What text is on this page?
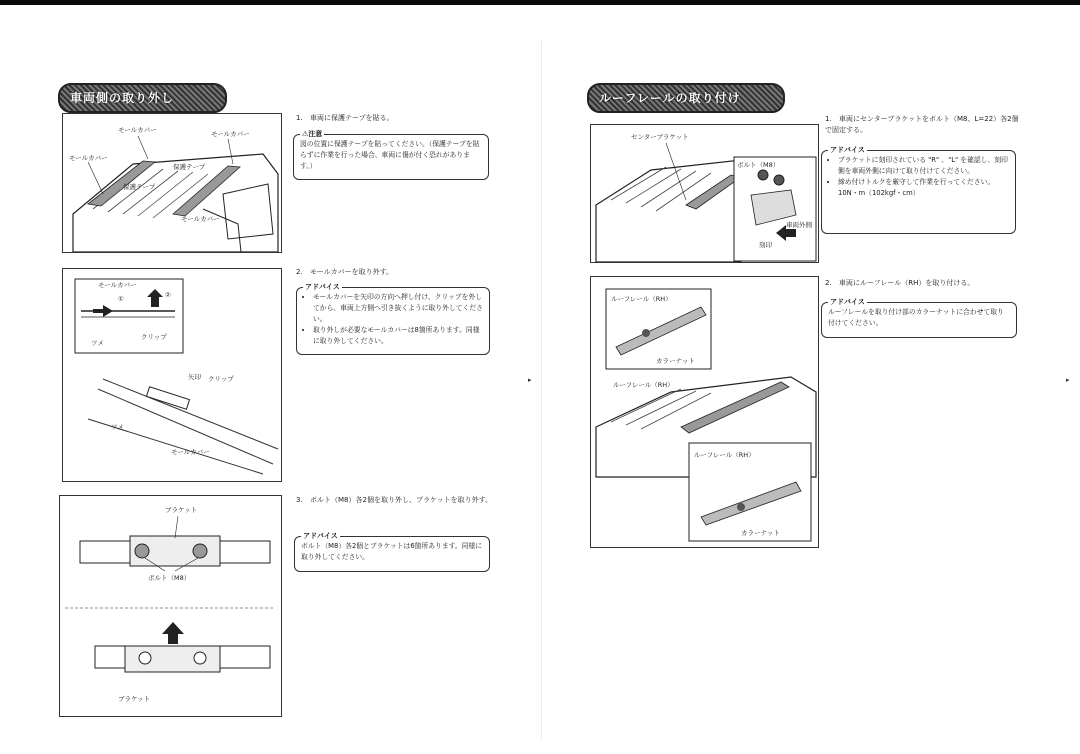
車両側の取り外し
モールカバー	モールカバー
モールカバー
保護テープ
保護テープ
モールカバー
1. 車両に保護テープを貼る。
⚠注意
図の位置に保護テープを貼ってください。（保護テープを貼らずに作業を行った場合、車両に傷が付く恐れがあります。）
モールカバー
①	②
ツメ
クリップ
矢印 クリップ
ツメ
モールカバー
2. モールカバーを取り外す。
アドバイス
• モールカバーを矢印の方向へ押し付け、クリップを外してから、車両上方側へ引き抜くように取り外してください。
• 取り外しが必要なモールカバーは8箇所あります。同様に取り外してください。
ブラケット
ボルト（M8）
ブラケット
3. ボルト（M8）各2個を取り外し、ブラケットを取り外す。
アドバイス
ボルト（M8）各2個とブラケットは6箇所あります。同様に取り外してください。
ルーフレールの取り付け
センターブラケット
ボルト（M8）
車両外側
刻印
1. 車両にセンターブラケットをボルト（M8、L=22）各2個で固定する。
アドバイス
• ブラケットに刻印されている "R" 、"L" を確認し、刻印側を車両外側に向けて取り付けてください。
• 締め付けトルクを厳守して作業を行ってください。
10N・m（102kgf・cm）
ルーフレール（RH）
カラーナット
ルーフレール（RH）
ルーフレール（RH）
カラーナット
2. 車両にルーフレール（RH）を取り付ける。
アドバイス
ルーフレールを取り付け部のカラーナットに合わせて取り付けてください。
▸	▸
